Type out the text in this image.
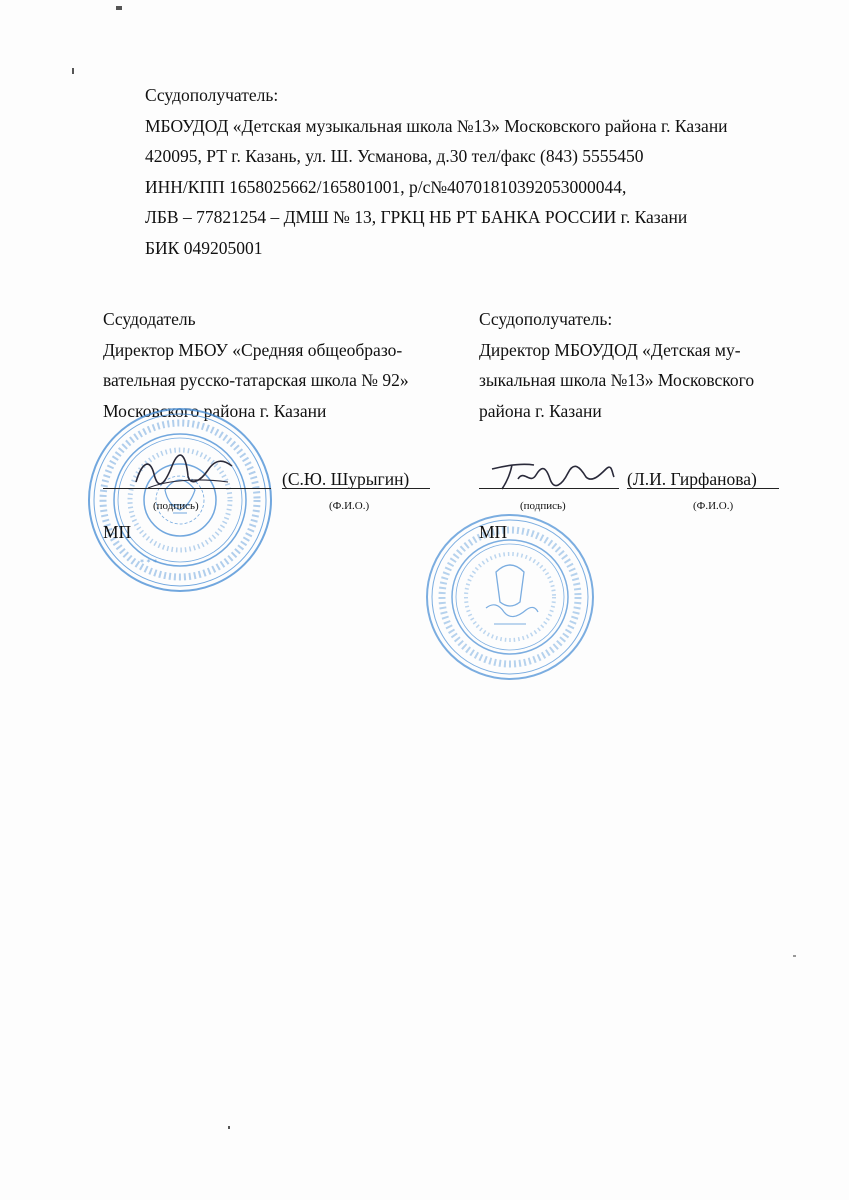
Ссудополучатель:
МБОУДОД «Детская музыкальная школа №13» Московского района г. Казани
420095, РТ г. Казань, ул. Ш. Усманова, д.30 тел/факс (843) 5555450
ИНН/КПП 1658025662/165801001, р/с№40701810392053000044,
ЛБВ – 77821254 – ДМШ № 13, ГРКЦ НБ РТ БАНКА РОССИИ г. Казани
БИК 049205001
Ссудодатель
Директор МБОУ «Средняя общеобразо-
вательная русско-татарская школа № 92»
Московского района г. Казани
Ссудополучатель:
Директор МБОУДОД «Детская му-
зыкальная школа №13» Московского
района г. Казани
* * *
(С.Ю. Шурыгин)
(подпись)	(Ф.И.О.)
МП
(Л.И. Гирфанова)
(подпись)	(Ф.И.О.)
МП
